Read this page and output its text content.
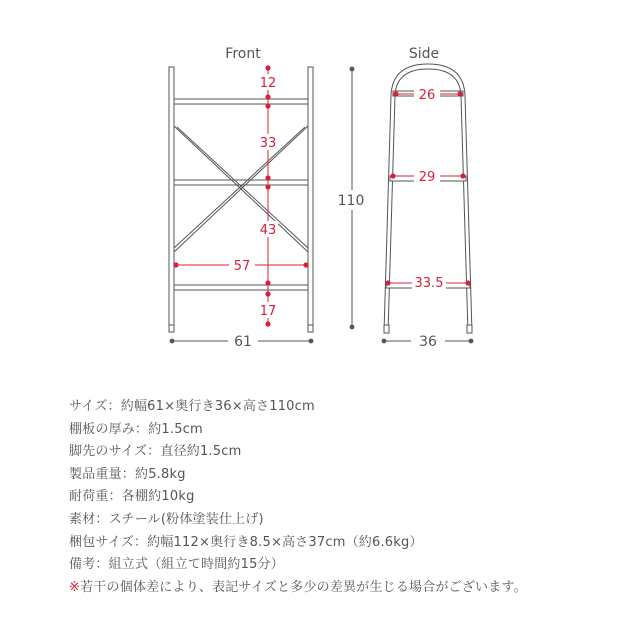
Front
12
33
43
17
57
61
110
Side
26
29
33.5
36
サイズ：約幅61×奥行き36×高さ110cm
棚板の厚み：約1.5cm
脚先のサイズ：直径約1.5cm
製品重量：約5.8kg
耐荷重：各棚約10kg
素材：スチール(粉体塗装仕上げ)
梱包サイズ：約幅112×奥行き8.5×高さ37cm（約6.6kg）
備考：組立式（組立て時間約15分）
※若干の個体差により、表記サイズと多少の差異が生じる場合がございます。
